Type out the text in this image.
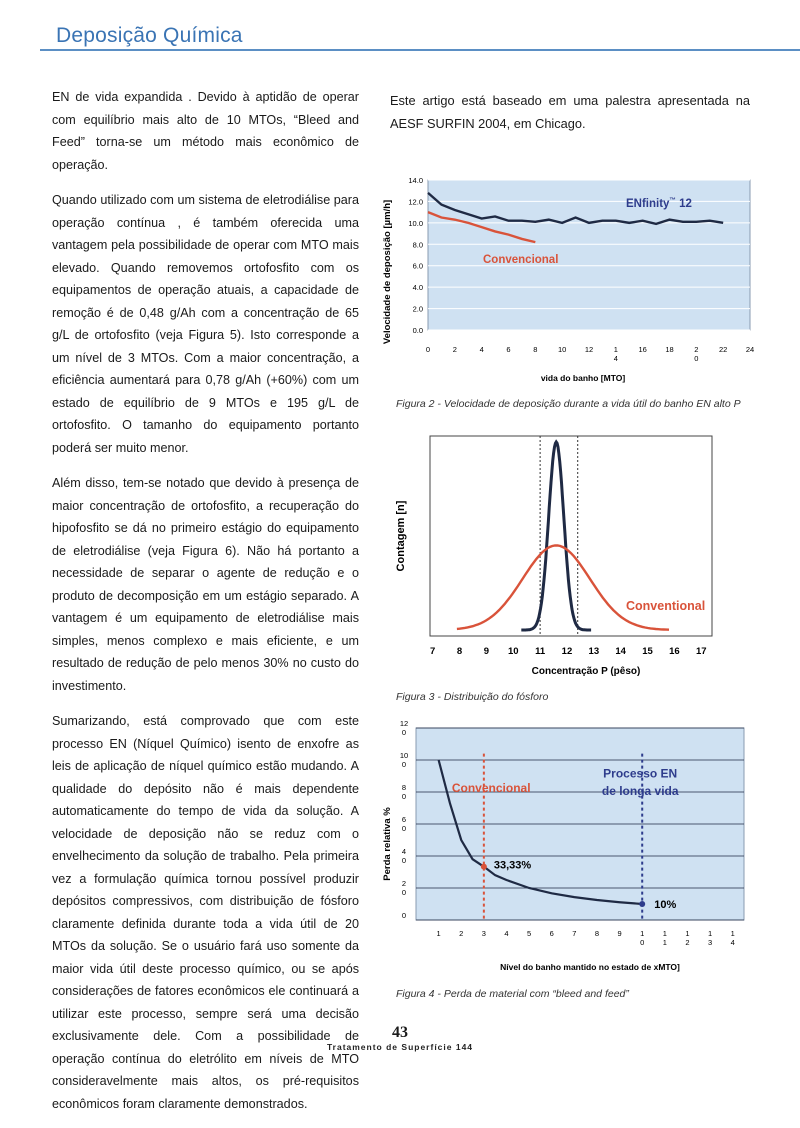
Deposição Química

EN de vida expandida . Devido à aptidão de operar com equilíbrio mais alto de 10 MTOs, “Bleed and Feed” torna-se um método mais econômico de operação.

Quando utilizado com um sistema de eletrodiálise para operação contínua , é também oferecida uma vantagem pela possibilidade de operar com MTO mais elevado. Quando removemos ortofosfito com os equipamentos de operação atuais, a capacidade de remoção é de 0,48 g/Ah com a concentração de 65 g/L de ortofosfito (veja Figura 5). Isto corresponde a um nível de 3 MTOs. Com a maior concentração, a eficiência aumentará para 0,78 g/Ah (+60%) com um estado de equilíbrio de 9 MTOs e 195 g/L de ortofosfito. O tamanho do equipamento portanto poderá ser muito menor.

Além disso, tem-se notado que devido à presença de maior concentração de ortofosfito, a recuperação do hipofosfito se dá no primeiro estágio do equipamento de eletrodiálise (veja Figura 6). Não há portanto a necessidade de separar o agente de redução e o produto de decomposição em um estágio separado. A vantagem é um equipamento de eletrodiálise mais simples, menos complexo e mais eficiente, e um resultado de redução de pelo menos 30% no custo do investimento.

Sumarizando, está comprovado que com este processo EN (Níquel Químico) isento de enxofre as leis de aplicação de níquel químico estão mudando. A qualidade do depósito não é mais dependente automaticamente do tempo de vida da solução. A velocidade de deposição não se reduz com o envelhecimento da solução de trabalho. Pela primeira vez a formulação química tornou possível produzir depósitos compressivos, com distribuição de fósforo claramente definida durante toda a vida útil de 20 MTOs da solução. Se o usuário fará uso somente da maior vida útil deste processo químico, ou se após considerações de fatores econômicos ele continuará a utilizar este processo, sempre será uma decisão exclusivamente dele. Com a possibilidade de operação contínua do eletrólito em níveis de MTO consideravelmente mais altos, os pré-requisitos econômicos foram claramente demonstrados.

Este artigo está baseado em uma palestra apresentada na AESF SURFIN 2004, em Chicago.

Velocidade de deposição [µm/h]
vida do banho [MTO]
0.0
2.0
4.0
6.0
8.0
10.0
12.0
14.0
0	2	4	6	8	10 12	1 4
16 18	2 0
22 24
ENfinity™ 12
Convencional
Figura 2 - Velocidade de deposição durante a vida útil do banho EN alto P
Contagem [n]
Concentração P (pêso)
7 8 9 10 11 12 13 14 15 16 17
Conventional
Figura 3 - Distribuição do fósforo
Perda relativa %
Nível do banho mantido no estado de xMTO]
0
2 0
4 0
6 0
8 0
10 0
12 0
1 2 3 4 5 6 7 8 9 1 0
1 1
1 2
1 3
1 4
Convencional
Processo EN
de longa vida
33,33%
10%
Figura 4 - Perda de material com “bleed and feed”
43
Tratamento de Superfície 144
